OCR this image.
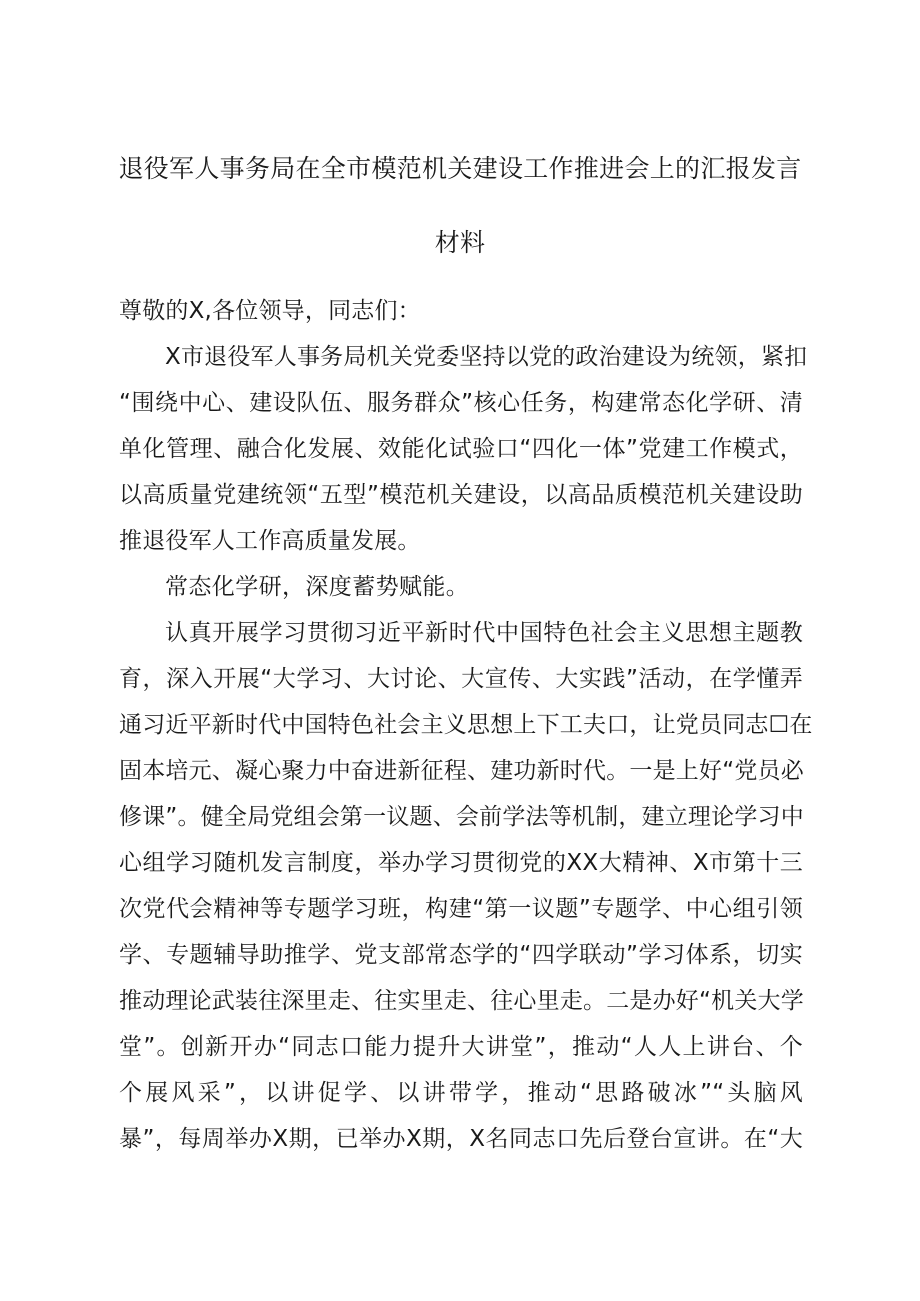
退役军人事务局在全市模范机关建设工作推进会上的汇报发言
材料
尊敬的X,各位领导，同志们：
X市退役军人事务局机关党委坚持以党的政治建设为统领，紧扣
“围绕中心、建设队伍、服务群众”核心任务，构建常态化学研、清
单化管理、融合化发展、效能化试验口“四化一体”党建工作模式，
以高质量党建统领“五型”模范机关建设，以高品质模范机关建设助
推退役军人工作高质量发展。
常态化学研，深度蓄势赋能。
认真开展学习贯彻习近平新时代中国特色社会主义思想主题教
育，深入开展“大学习、大讨论、大宣传、大实践”活动，在学懂弄
通习近平新时代中国特色社会主义思想上下工夫口，让党员同志☐在
固本培元、凝心聚力中奋进新征程、建功新时代。一是上好“党员必
修课”。健全局党组会第一议题、会前学法等机制，建立理论学习中
心组学习随机发言制度，举办学习贯彻党的XX大精神、X市第十三
次党代会精神等专题学习班，构建“第一议题”专题学、中心组引领
学、专题辅导助推学、党支部常态学的“四学联动”学习体系，切实
推动理论武装往深里走、往实里走、往心里走。二是办好“机关大学
堂”。创新开办“同志口能力提升大讲堂”，推动“人人上讲台、个
个展风采”，以讲促学、以讲带学，推动“思路破冰”“头脑风
暴”，每周举办X期，已举办X期，X名同志口先后登台宣讲。在“大
